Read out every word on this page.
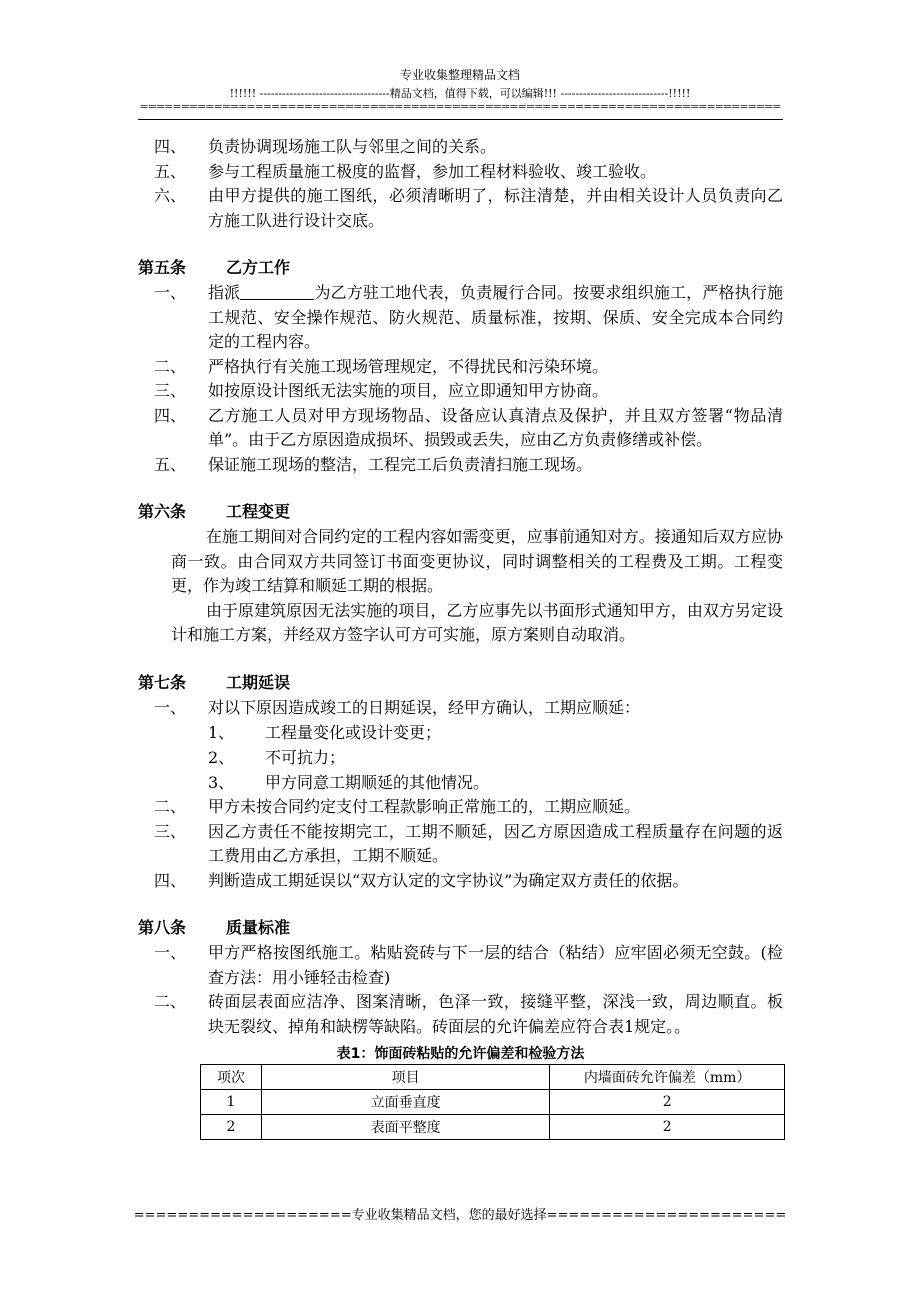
专业收集整理精品文档
!!!!!! -----------------------------------精品文档，值得下载，可以编辑!!! -----------------------------!!!!!
==============================================================================
四、	负责协调现场施工队与邻里之间的关系。
五、	参与工程质量施工极度的监督，参加工程材料验收、竣工验收。
六、	由甲方提供的施工图纸，必须清晰明了，标注清楚，并由相关设计人员负责向乙方施工队进行设计交底。
第五条	乙方工作
一、	指派	为乙方驻工地代表，负责履行合同。按要求组织施工，严格执行施工规范、安全操作规范、防火规范、质量标准，按期、保质、安全完成本合同约定的工程内容。
二、	严格执行有关施工现场管理规定，不得扰民和污染环境。
三、	如按原设计图纸无法实施的项目，应立即通知甲方协商。
四、	乙方施工人员对甲方现场物品、设备应认真清点及保护，并且双方签署“物品清单”。由于乙方原因造成损坏、损毁或丢失，应由乙方负责修缮或补偿。
五、	保证施工现场的整洁，工程完工后负责清扫施工现场。
第六条	工程变更
在施工期间对合同约定的工程内容如需变更，应事前通知对方。接通知后双方应协商一致。由合同双方共同签订书面变更协议，同时调整相关的工程费及工期。工程变更，作为竣工结算和顺延工期的根据。
由于原建筑原因无法实施的项目，乙方应事先以书面形式通知甲方，由双方另定设计和施工方案，并经双方签字认可方可实施，原方案则自动取消。
第七条	工期延误
一、	对以下原因造成竣工的日期延误，经甲方确认，工期应顺延：
1、	工程量变化或设计变更；
2、	不可抗力；
3、	甲方同意工期顺延的其他情况。
二、	甲方未按合同约定支付工程款影响正常施工的，工期应顺延。
三、	因乙方责任不能按期完工，工期不顺延，因乙方原因造成工程质量存在问题的返工费用由乙方承担，工期不顺延。
四、	判断造成工期延误以“双方认定的文字协议”为确定双方责任的依据。
第八条	质量标准
一、	甲方严格按图纸施工。粘贴瓷砖与下一层的结合（粘结）应牢固必须无空鼓。(检查方法：用小锤轻击检查)
二、	砖面层表面应洁净、图案清晰，色泽一致，接缝平整，深浅一致，周边顺直。板块无裂纹、掉角和缺楞等缺陷。砖面层的允许偏差应符合表1规定。。
表1：饰面砖粘贴的允许偏差和检验方法
项次	项目	内墙面砖允许偏差（mm）
1	立面垂直度	2
2	表面平整度	2
====================专业收集精品文档，您的最好选择======================
